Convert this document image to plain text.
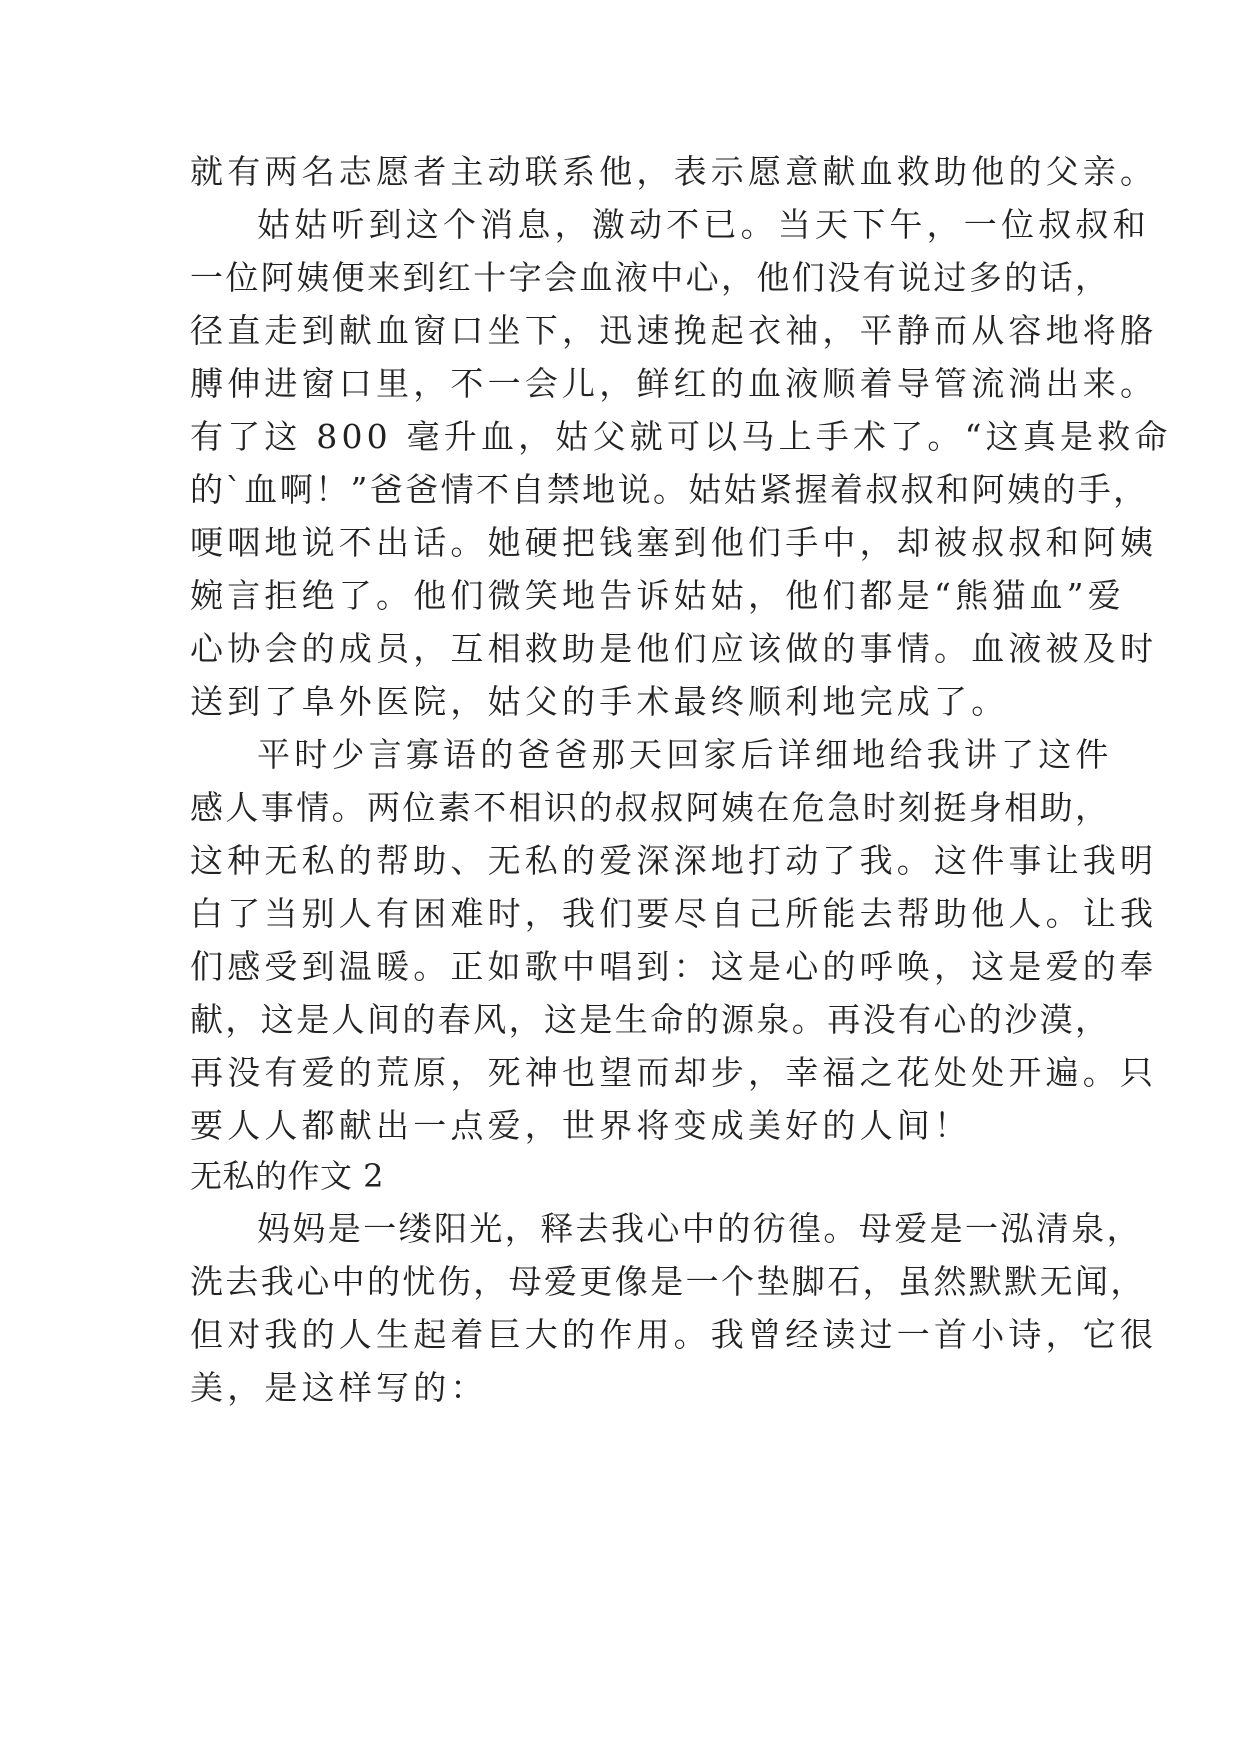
就有两名志愿者主动联系他，表示愿意献血救助他的父亲。
姑姑听到这个消息，激动不已。当天下午，一位叔叔和
一位阿姨便来到红十字会血液中心，他们没有说过多的话，
径直走到献血窗口坐下，迅速挽起衣袖，平静而从容地将胳
膊伸进窗口里，不一会儿，鲜红的血液顺着导管流淌出来。
有了这 800 毫升血，姑父就可以马上手术了。“这真是救命
的`血啊！”爸爸情不自禁地说。姑姑紧握着叔叔和阿姨的手，
哽咽地说不出话。她硬把钱塞到他们手中，却被叔叔和阿姨
婉言拒绝了。他们微笑地告诉姑姑，他们都是“熊猫血”爱
心协会的成员，互相救助是他们应该做的事情。血液被及时
送到了阜外医院，姑父的手术最终顺利地完成了。
平时少言寡语的爸爸那天回家后详细地给我讲了这件
感人事情。两位素不相识的叔叔阿姨在危急时刻挺身相助，
这种无私的帮助、无私的爱深深地打动了我。这件事让我明
白了当别人有困难时，我们要尽自己所能去帮助他人。让我
们感受到温暖。正如歌中唱到：这是心的呼唤，这是爱的奉
献，这是人间的春风，这是生命的源泉。再没有心的沙漠，
再没有爱的荒原，死神也望而却步，幸福之花处处开遍。只
要人人都献出一点爱，世界将变成美好的人间！
无私的作文 2
妈妈是一缕阳光，释去我心中的彷徨。母爱是一泓清泉，
洗去我心中的忧伤，母爱更像是一个垫脚石，虽然默默无闻，
但对我的人生起着巨大的作用。我曾经读过一首小诗，它很
美，是这样写的：
